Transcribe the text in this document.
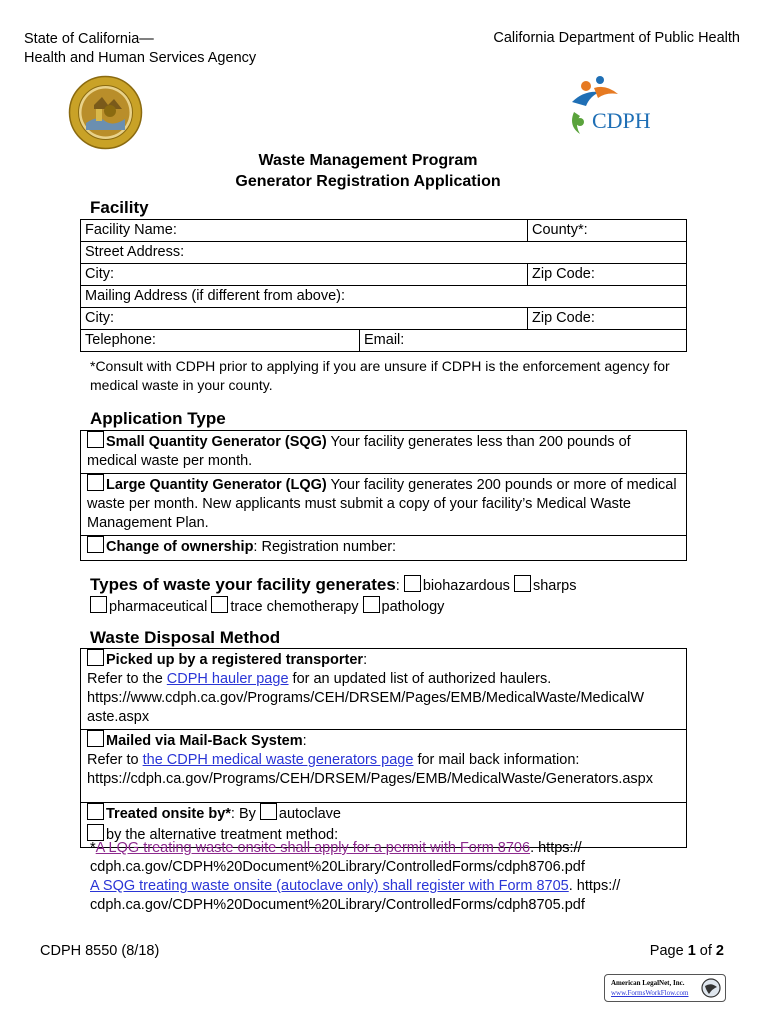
State of California—
Health and Human Services Agency
California Department of Public Health
CDPH
Waste Management Program
Generator Registration Application
Facility
Facility Name:		County*:
Street Address:		
City:		Zip Code:
Mailing Address (if different from above):		
City:		Zip Code:
Telephone:	Email:	
*Consult with CDPH prior to applying if you are unsure if CDPH is the enforcement agency for medical waste in your county.
Application Type
Small Quantity Generator (SQG) Your facility generates less than 200 pounds of medical waste per month.
Large Quantity Generator (LQG) Your facility generates 200 pounds or more of medical waste per month. New applicants must submit a copy of your facility’s Medical Waste Management Plan.
Change of ownership: Registration number:
Types of waste your facility generates: biohazardous sharps
pharmaceutical trace chemotherapy pathology
Waste Disposal Method
Picked up by a registered transporter:
Refer to the CDPH hauler page for an updated list of authorized haulers.
https://www.cdph.ca.gov/Programs/CEH/DRSEM/Pages/EMB/MedicalWaste/MedicalW
aste.aspx
Mailed via Mail-Back System:
Refer to the CDPH medical waste generators page for mail back information:
https://cdph.ca.gov/Programs/CEH/DRSEM/Pages/EMB/MedicalWaste/Generators.aspx
Treated onsite by*: By autoclave
by the alternative treatment method:
*A LQG treating waste onsite shall apply for a permit with Form 8706. https://
cdph.ca.gov/CDPH%20Document%20Library/ControlledForms/cdph8706.pdf
A SQG treating waste onsite (autoclave only) shall register with Form 8705. https://
cdph.ca.gov/CDPH%20Document%20Library/ControlledForms/cdph8705.pdf
CDPH 8550 (8/18)	Page 1 of 2
American LegalNet, Inc.
www.FormsWorkFlow.com
